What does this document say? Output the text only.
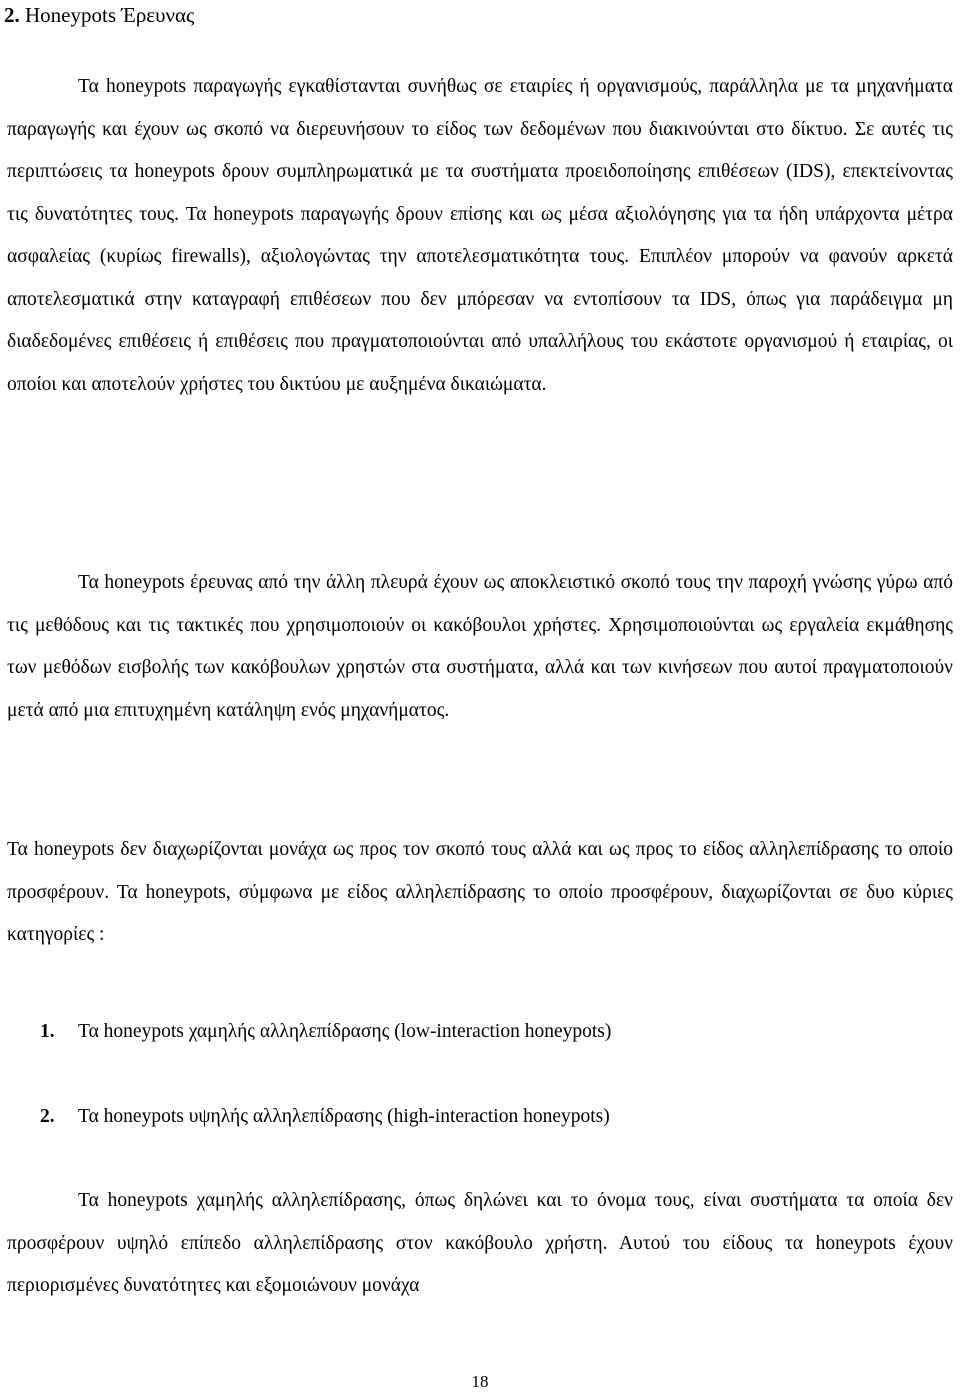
2. Honeypots Έρευνας

Τα honeypots παραγωγής εγκαθίστανται συνήθως σε εταιρίες ή οργανισμούς, παράλληλα με τα μηχανήματα παραγωγής και έχουν ως σκοπό να διερευνήσουν το είδος των δεδομένων που διακινούνται στο δίκτυο. Σε αυτές τις περιπτώσεις τα honeypots δρουν συμπληρωματικά με τα συστήματα προειδοποίησης επιθέσεων (IDS), επεκτείνοντας τις δυνατότητες τους. Τα honeypots παραγωγής δρουν επίσης και ως μέσα αξιολόγησης για τα ήδη υπάρχοντα μέτρα ασφαλείας (κυρίως firewalls), αξιολογώντας την αποτελεσματικότητα τους. Επιπλέον μπορούν να φανούν αρκετά αποτελεσματικά στην καταγραφή επιθέσεων που δεν μπόρεσαν να εντοπίσουν τα IDS, όπως για παράδειγμα μη διαδεδομένες επιθέσεις ή επιθέσεις που πραγματοποιούνται από υπαλλήλους του εκάστοτε οργανισμού ή εταιρίας, οι οποίοι και αποτελούν χρήστες του δικτύου με αυξημένα δικαιώματα.

Τα honeypots έρευνας από την άλλη πλευρά έχουν ως αποκλειστικό σκοπό τους την παροχή γνώσης γύρω από τις μεθόδους και τις τακτικές που χρησιμοποιούν οι κακόβουλοι χρήστες. Χρησιμοποιούνται ως εργαλεία εκμάθησης των μεθόδων εισβολής των κακόβουλων χρηστών στα συστήματα, αλλά και των κινήσεων που αυτοί πραγματοποιούν μετά από μια επιτυχημένη κατάληψη ενός μηχανήματος.

Τα honeypots δεν διαχωρίζονται μονάχα ως προς τον σκοπό τους αλλά και ως προς το είδος αλληλεπίδρασης το οποίο προσφέρουν. Τα honeypots, σύμφωνα με είδος αλληλεπίδρασης το οποίο προσφέρουν, διαχωρίζονται σε δυο κύριες κατηγορίες :

1. Τα honeypots χαμηλής αλληλεπίδρασης (low-interaction honeypots)
2. Τα honeypots υψηλής αλληλεπίδρασης (high-interaction honeypots)

Τα honeypots χαμηλής αλληλεπίδρασης, όπως δηλώνει και το όνομα τους, είναι συστήματα τα οποία δεν προσφέρουν υψηλό επίπεδο αλληλεπίδρασης στον κακόβουλο χρήστη. Αυτού του είδους τα honeypots έχουν περιορισμένες δυνατότητες και εξομοιώνουν μονάχα

18
